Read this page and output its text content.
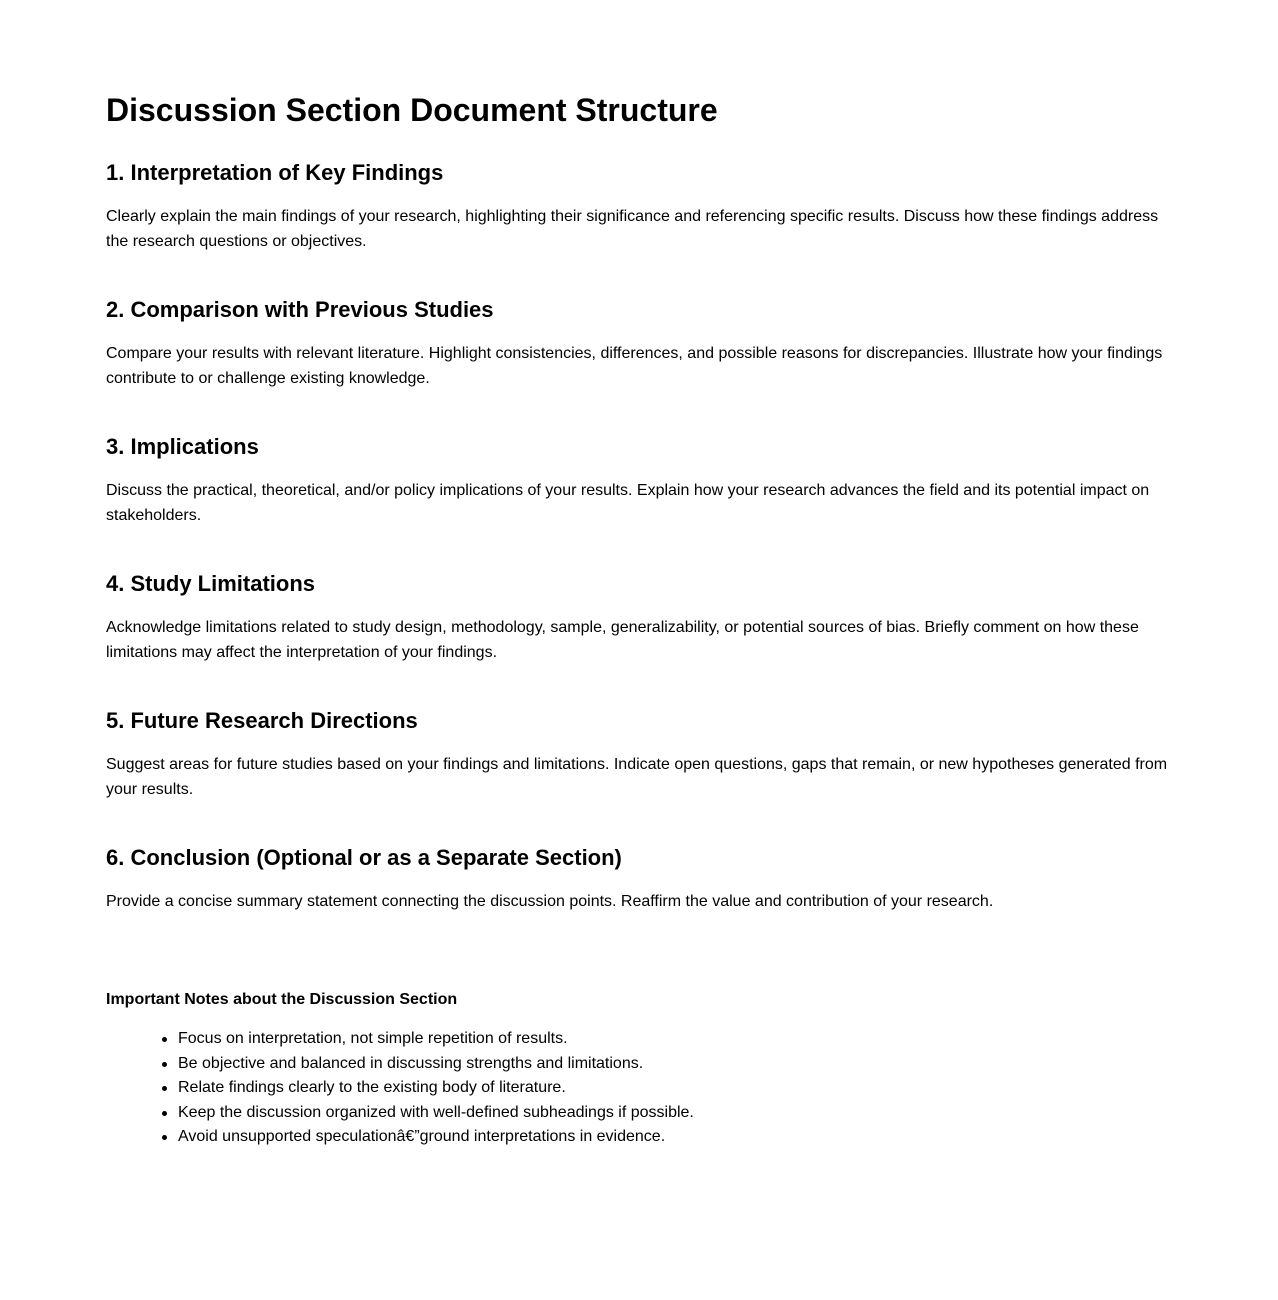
Discussion Section Document Structure
1. Interpretation of Key Findings

Clearly explain the main findings of your research, highlighting their significance and referencing specific results. Discuss how these findings address the research questions or objectives.

2. Comparison with Previous Studies

Compare your results with relevant literature. Highlight consistencies, differences, and possible reasons for discrepancies. Illustrate how your findings contribute to or challenge existing knowledge.

3. Implications

Discuss the practical, theoretical, and/or policy implications of your results. Explain how your research advances the field and its potential impact on stakeholders.

4. Study Limitations

Acknowledge limitations related to study design, methodology, sample, generalizability, or potential sources of bias. Briefly comment on how these limitations may affect the interpretation of your findings.

5. Future Research Directions

Suggest areas for future studies based on your findings and limitations. Indicate open questions, gaps that remain, or new hypotheses generated from your results.

6. Conclusion (Optional or as a Separate Section)

Provide a concise summary statement connecting the discussion points. Reaffirm the value and contribution of your research.

Important Notes about the Discussion Section
Focus on interpretation, not simple repetition of results.
Be objective and balanced in discussing strengths and limitations.
Relate findings clearly to the existing body of literature.
Keep the discussion organized with well-defined subheadings if possible.
Avoid unsupported speculationâ€”ground interpretations in evidence.
